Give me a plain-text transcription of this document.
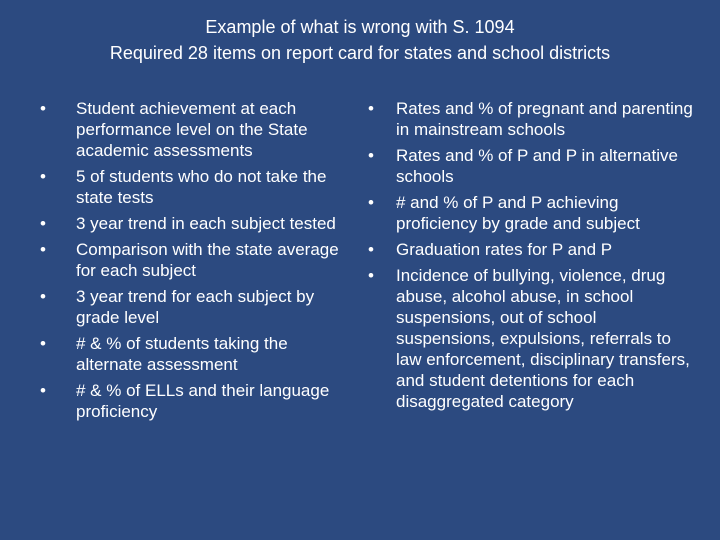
Example of what is wrong with S. 1094
Required 28 items on report card for states and school districts
•	Student achievement at each performance level on the State academic assessments
•	5 of students who do not take the state tests
•	3 year trend in each subject tested
•	Comparison with the state average for each subject
•	3 year trend for each subject by grade level
•	# & % of students taking the alternate assessment
•	# & % of ELLs and their language proficiency
•	Rates and % of pregnant and parenting in mainstream schools
•	Rates and % of P and P in alternative schools
•	# and % of P and P achieving proficiency by grade and subject
•	Graduation rates for P and P
•	Incidence of bullying, violence, drug abuse, alcohol abuse, in school suspensions, out of school suspensions, expulsions, referrals to law enforcement, disciplinary transfers, and student detentions for each disaggregated category
